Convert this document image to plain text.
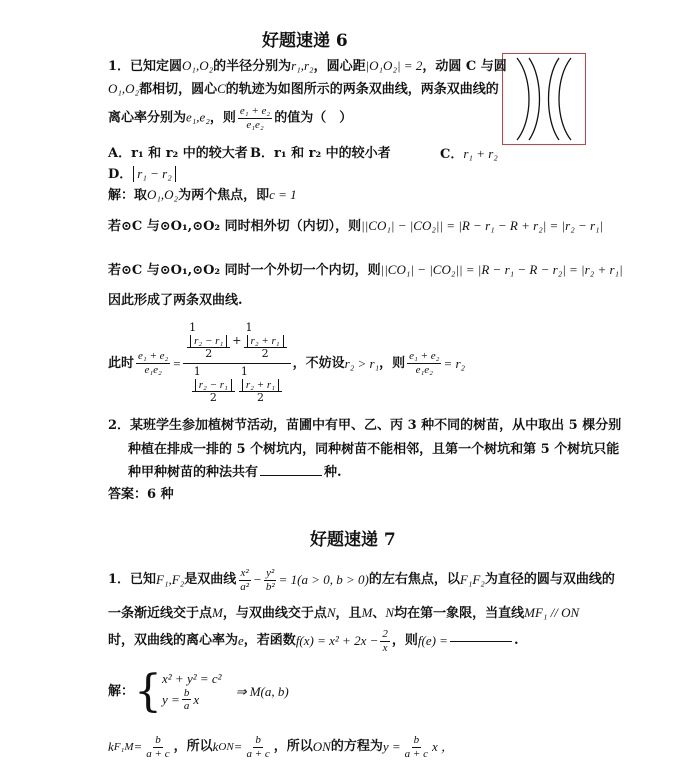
好题速递 6
1．已知定圆O₁,O₂的半径分别为r₁,r₂，圆心距|O₁O₂| = 2，动圆 C 与圆
O₁,O₂都相切，圆心C的轨迹为如图所示的两条双曲线，两条双曲线的
离心率分别为e₁,e₂，则 $\frac{\text{e₁ + e₂}}{\text{e₁e₂}}$ 的值为（　）
A．r₁ 和 r₂ 中的较大者 B．r₁ 和 r₂ 中的较小者	C．r₁ + r₂
D． r₁ − r₂
解：取O₁,O₂为两个焦点，即c = 1
若⊙C 与⊙O₁,⊙O₂ 同时相外切（内切），则||CO₁| − |CO₂|| = |R − r₁ − R + r₂| = |r₂ − r₁|
若⊙C 与⊙O₁,⊙O₂ 同时一个外切一个内切，则||CO₁| − |CO₂|| = |R − r₁ − R − r₂| = |r₂ + r₁|
因此形成了两条双曲线.
此时 $\frac{\text{e₁ + e₂}}{\text{e₁e₂}}$ =
1
r₂ − r₁
2
+
1
r₂ + r₁
2
1
r₂ − r₁
2
1
r₂ + r₁
2
，不妨设 r₂ > r₁ ，则 $\frac{\text{e₁ + e₂}}{\text{e₁e₂}} = r_2$
2．某班学生参加植树节活动，苗圃中有甲、乙、丙 3 种不同的树苗，从中取出 5 棵分别
种植在排成一排的 5 个树坑内，同种树苗不能相邻，且第一个树坑和第 5 个树坑只能
种甲种树苗的种法共有	种.
答案：6 种
好题速递 7
1．已知 F₁,F₂ 是双曲线 $\frac{\text{x²}}{\text{a²}} - \frac{\text{y²}}{\text{b²}} = 1(a > 0$, b > 0) 的左右焦点，以 F₁F₂ 为直径的圆与双曲线的
一条渐近线交于点M，与双曲线交于点N，且M、N均在第一象限，当直线MF₁ // ON
时，双曲线的离心率为 e ，若函数 $f(x) = x^2 + 2x - \frac{2}{x}$ ，则 f(e) =	.
解： { x² + y² = c²
$y = \frac{b}{a}$ x
⇒ M(a, b)
k $F_1M = \frac{b}{a + c}$ ，所以 k ON = $\frac{b}{a + c}$ ，所以 ON 的方程为 $y = \frac{b}{a + c}$ x ，
